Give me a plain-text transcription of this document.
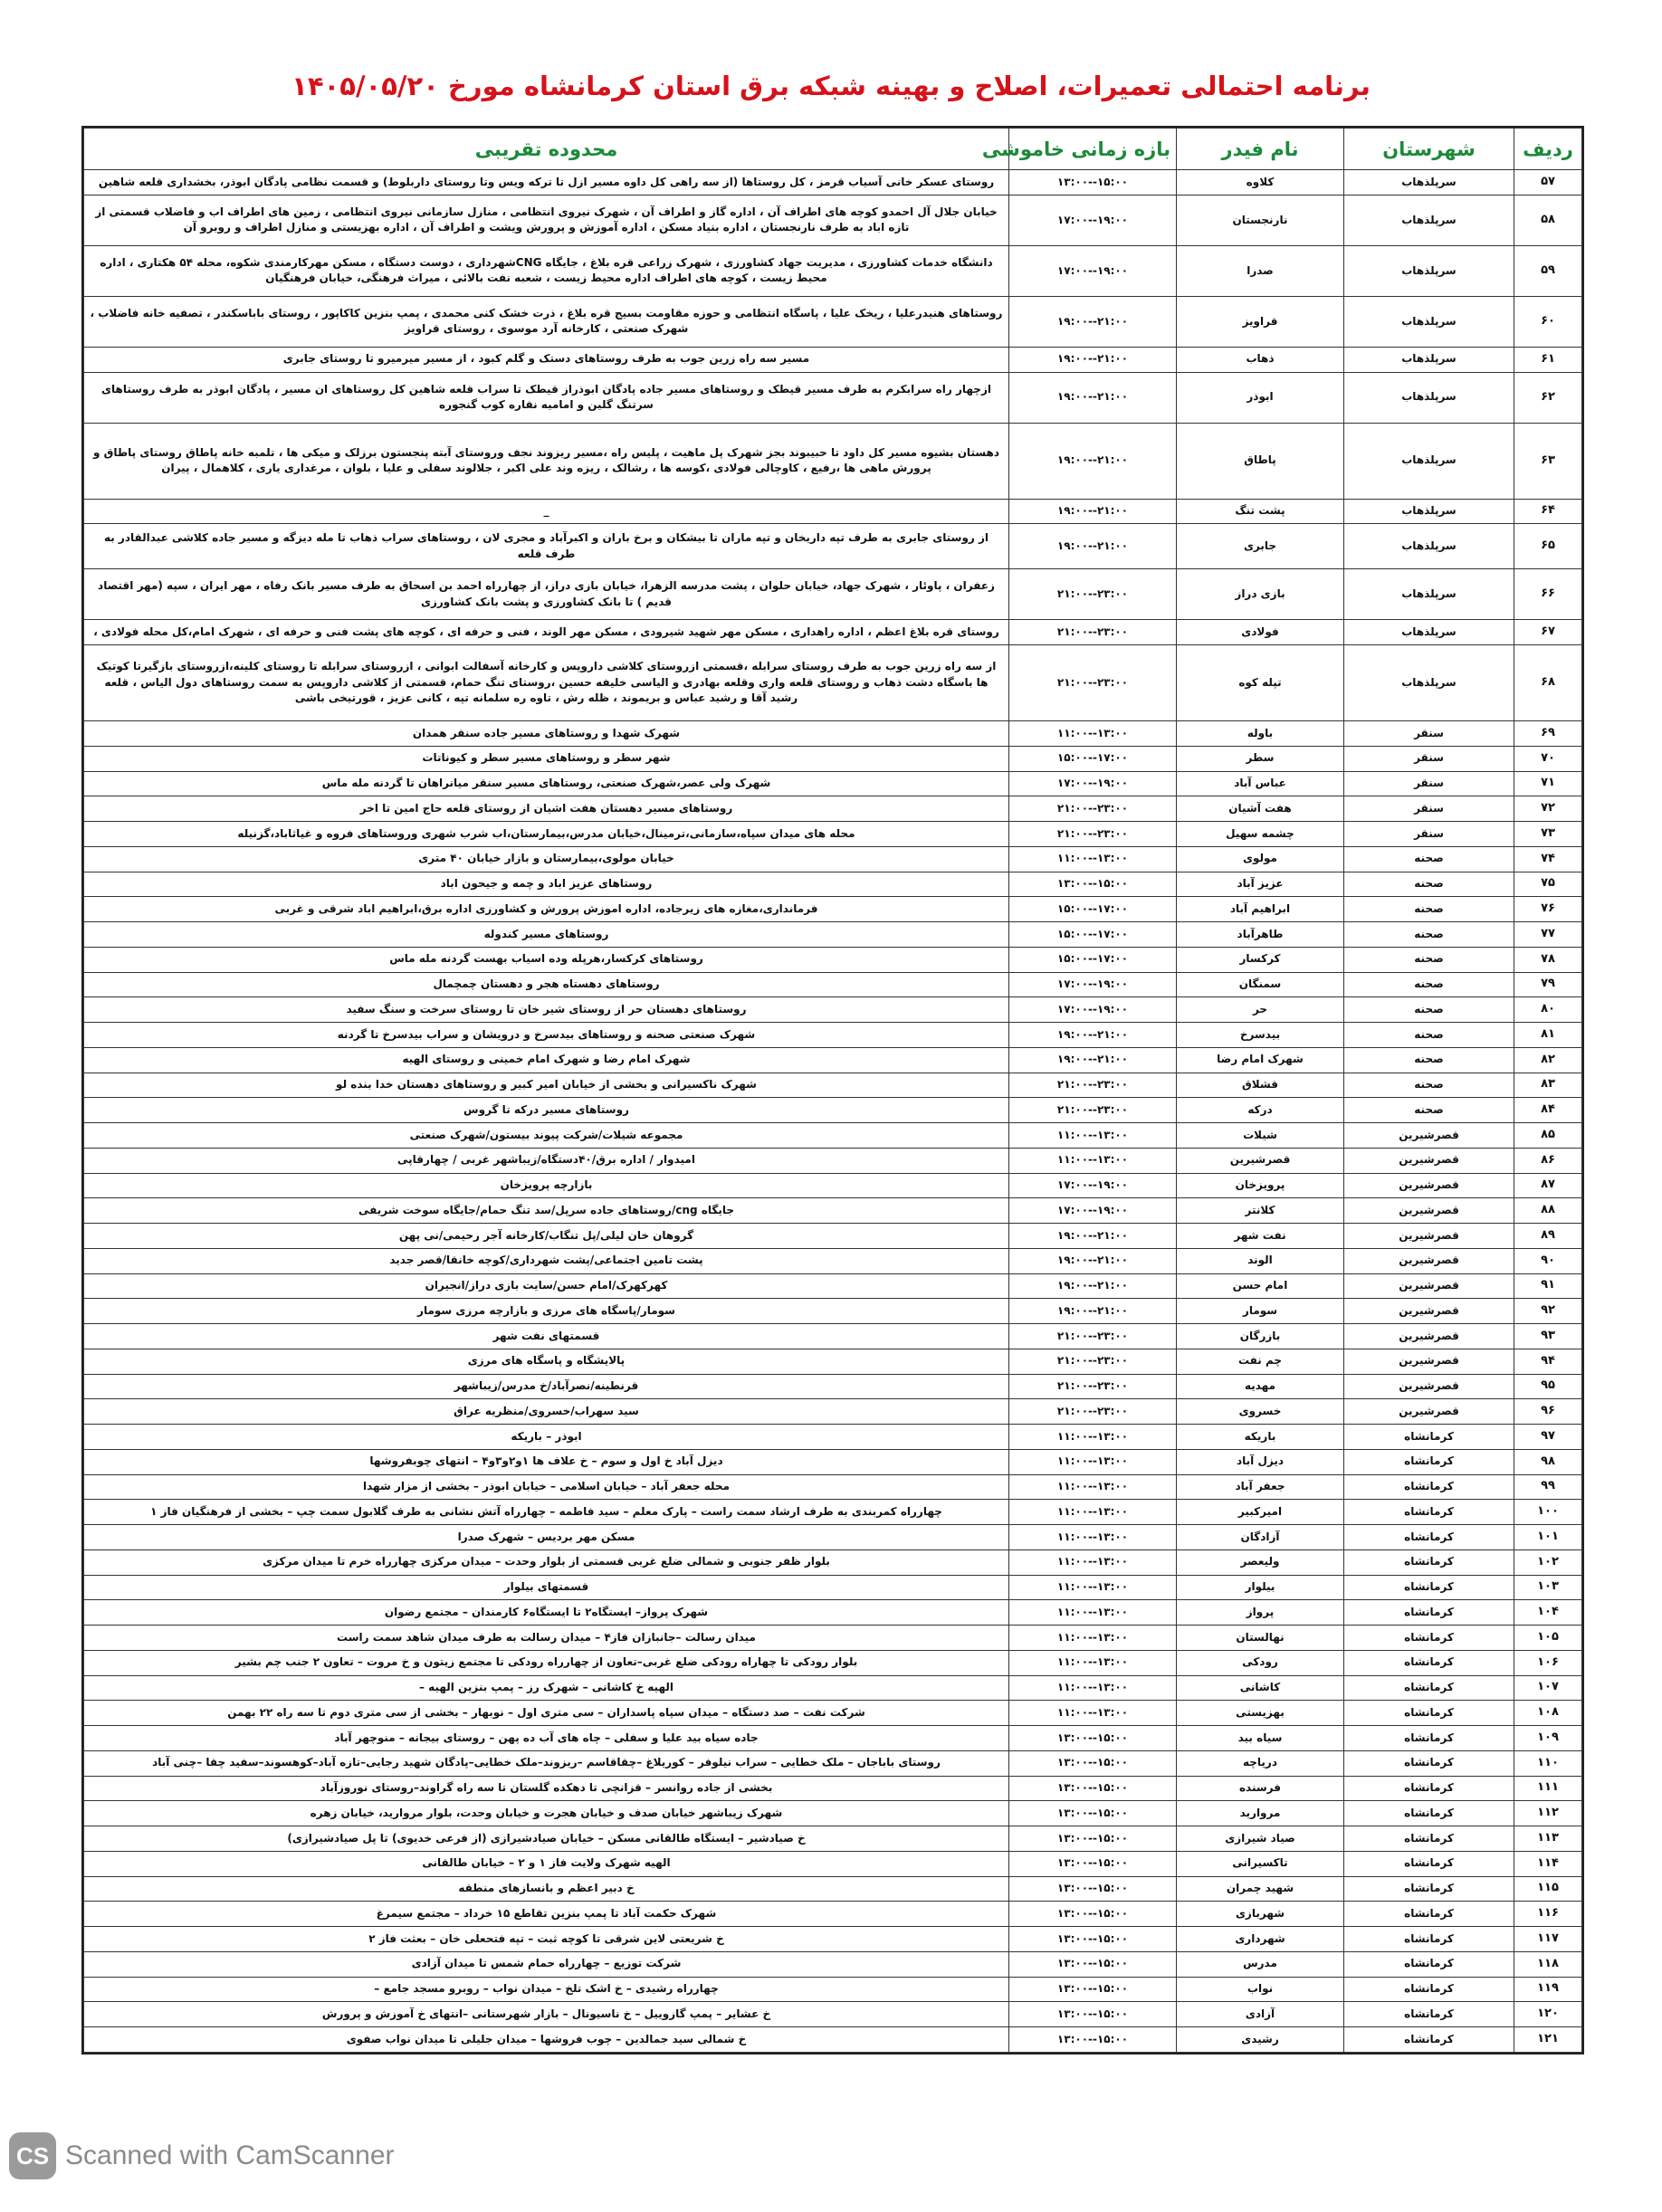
برنامه احتمالی تعمیرات، اصلاح و بهینه شبکه برق استان کرمانشاه مورخ ۱۴۰۵/۰۵/۲۰
ردیف	شهرستان	نام فیدر	بازه زمانی خاموشی	محدوده تقریبی
۵۷	سرپلذهاب	کلاوه	۱۳:۰۰--۱۵:۰۰	روستای عسکر خانی آسیاب قرمز ، کل روستاها (از سه راهی کل داوه مسیر ازل تا ترکه ویس وتا روستای داربلوط) و قسمت نظامی پادگان ابوذر، بخشداری قلعه شاهین
۵۸	سرپلذهاب	نارنجستان	۱۷:۰۰--۱۹:۰۰	خیابان جلال آل احمدو کوچه های اطراف آن ، اداره گاز و اطراف آن ، شهرک نیروی انتظامی ، منازل سازمانی نیروی انتظامی ، زمین های اطراف اب و فاضلاب قسمتی از تازه اباد به طرف نارنجستان ، اداره بنیاد مسکن ، اداره آموزش و پرورش ویشت و اطراف آن ، اداره بهزیستی و منازل اطراف و روبرو آن
۵۹	سرپلذهاب	صدرا	۱۷:۰۰--۱۹:۰۰	دانشگاه خدمات کشاورزی ، مدیریت جهاد کشاورزی ، شهرک زراعی قره بلاغ ، جایگاه CNGشهرداری ، دوست دستگاه ، مسکن مهرکارمندی شکوه، محله ۵۴ هکتاری ، اداره محیط زیست ، کوچه های اطراف اداره محیط زیست ، شعبه نفت بالائی ، میراث فرهنگی، خیابان فرهنگیان
۶۰	سرپلذهاب	قراویز	۱۹:۰۰--۲۱:۰۰	روستاهای هنیدرعلیا ، ریخک علیا ، پاسگاه انتظامی و حوزه مقاومت بسیج قره بلاغ ، ذرت خشک کنی محمدی ، پمپ بنزین کاکاپور ، روستای باباسکندر ، تصفیه خانه فاضلاب ، شهرک صنعتی ، کارخانه آرد موسوی ، روستای قراویز
۶۱	سرپلذهاب	ذهاب	۱۹:۰۰--۲۱:۰۰	مسیر سه راه زرین جوب به طرف روستاهای دستک و گلم کبود ، از مسیر میرمیرو تا روستای جابری
۶۲	سرپلذهاب	ابوذر	۱۹:۰۰--۲۱:۰۰	ازچهار راه سرابکرم به طرف مسیر قیطک و روستاهای مسیر جاده پادگان ابوذراز قیطک تا سراب قلعه شاهین کل روستاهای ان مسیر ، پادگان ابوذر به طرف روستاهای سرتنگ گلین و امامیه نقاره کوب گنجوره
۶۳	سرپلذهاب	پاطاق	۱۹:۰۰--۲۱:۰۰	دهستان بشیوه مسیر کل داود تا حبیبوند بجز شهرک پل ماهیت ، پلیس راه ،مسیر ریزوند نجف وروستای آبته پنجستون برزلک و میکی ها ، تلمبه خانه پاطاق روستای پاطاق و پرورش ماهی ها ،رفیع ، کاوچالی فولادی ،کوسه ها ، رشالک ، ریزه وند علی اکبر ، جلالوند سفلی و علیا ، بلوان ، مرغداری یاری ، کلاهمال ، پیران
۶۴	سرپلذهاب	پشت تنگ	۱۹:۰۰--۲۱:۰۰	_
۶۵	سرپلذهاب	جابری	۱۹:۰۰--۲۱:۰۰	از روستای جابری به طرف تپه داریخان و تپه ماران تا بیشکان و برخ باران و اکبرآباد و مجری لان ، روستاهای سراب ذهاب تا مله دیزگه و مسیر جاده کلاشی عبدالقادر به طرف قلعه
۶۶	سرپلذهاب	بازی دراز	۲۱:۰۰--۲۳:۰۰	زعفران ، پاوئار ، شهرک جهاد، خیابان حلوان ، پشت مدرسه الزهرا، خیابان بازی دراز، از چهارراه احمد بن اسحاق به طرف مسیر بانک رفاه ، مهر ایران ، سپه (مهر اقتصاد قدیم ) تا بانک کشاورزی و پشت بانک کشاورزی
۶۷	سرپلذهاب	فولادی	۲۱:۰۰--۲۳:۰۰	روستای قره بلاغ اعظم ، اداره راهداری ، مسکن مهر شهید شیرودی ، مسکن مهر الوند ، فنی و حرفه ای ، کوچه های پشت فنی و حرفه ای ، شهرک امام،کل محله فولادی ،
۶۸	سرپلذهاب	تپله کوه	۲۱:۰۰--۲۳:۰۰	از سه راه زرین جوب به طرف روستای سرابله ،قسمتی ازروستای کلاشی داروپس و کارخانه آسفالت ابوانی ، ازروستای سرابله تا روستای کلینه،ازروستای بازگیرتا کوتیک ها باسگاه دشت ذهاب و روستای قلعه واری وقلعه بهادری و الیاسی خلیفه حسین ،روستای تنگ حمام، قسمتی از کلاشی داروپس به سمت روستاهای دول الیاس ، قلعه رشید آقا و رشید عباس و بریموند ، ظله رش ، تاوه ره سلمانه تپه ، کانی عزیز ، قورتیخی باشی
۶۹	سنقر	باوله	۱۱:۰۰--۱۳:۰۰	شهرک شهدا و روستاهای مسیر جاده سنقر همدان
۷۰	سنقر	سطر	۱۵:۰۰--۱۷:۰۰	شهر سطر و روستاهای مسیر سطر و کیوناتات
۷۱	سنقر	عباس آباد	۱۷:۰۰--۱۹:۰۰	شهرک ولی عصر،شهرک صنعتی، روستاهای مسیر سنقر میانراهان تا گردنه مله ماس
۷۲	سنقر	هفت آشیان	۲۱:۰۰--۲۳:۰۰	روستاهای مسیر دهستان هفت اشیان از روستای قلعه حاج امین تا اخر
۷۳	سنقر	چشمه سهیل	۲۱:۰۰--۲۳:۰۰	محله های میدان سپاه،سازمانی،ترمینال،خیابان مدرس،بیمارستان،اب شرب شهری وروستاهای فروه و غیاثاباد،گزنیله
۷۴	صحنه	مولوی	۱۱:۰۰--۱۳:۰۰	خیابان مولوی،بیمارستان و بازار خیابان ۴۰ متری
۷۵	صحنه	عزیز آباد	۱۳:۰۰--۱۵:۰۰	روستاهای عزیز اباد و چمه و جیحون اباد
۷۶	صحنه	ابراهیم آباد	۱۵:۰۰--۱۷:۰۰	فرمانداری،مغازه های زیرجاده، اداره اموزش پرورش و کشاورزی اداره برق،ابراهیم اباد شرقی و غربی
۷۷	صحنه	طاهرآباد	۱۵:۰۰--۱۷:۰۰	روستاهای مسیر کندوله
۷۸	صحنه	کرکسار	۱۵:۰۰--۱۷:۰۰	روستاهای کرکسار،هرپله وده اسیاب بهست گردنه مله ماس
۷۹	صحنه	سمنگان	۱۷:۰۰--۱۹:۰۰	روستاهای دهستاه هجر و دهستان چمچمال
۸۰	صحنه	حر	۱۷:۰۰--۱۹:۰۰	روستاهای دهستان حر از روستای شیر خان تا روستای سرخت و سنگ سفید
۸۱	صحنه	بیدسرخ	۱۹:۰۰--۲۱:۰۰	شهرک صنعتی صحنه و روستاهای بیدسرخ و درویشان و سراب بیدسرخ تا گردنه
۸۲	صحنه	شهرک امام رضا	۱۹:۰۰--۲۱:۰۰	شهرک امام رضا و شهرک امام خمینی و روستای الهیه
۸۳	صحنه	قشلاق	۲۱:۰۰--۲۳:۰۰	شهرک ناکسیرانی و بخشی از خیابان امیر کبیر و روستاهای دهستان خدا بنده لو
۸۴	صحنه	درکه	۲۱:۰۰--۲۳:۰۰	روستاهای مسیر درکه تا گروس
۸۵	قصرشیرین	شیلات	۱۱:۰۰--۱۳:۰۰	مجموعه شیلات/شرکت پیوند بیستون/شهرک صنعتی
۸۶	قصرشیرین	قصرشیرین	۱۱:۰۰--۱۳:۰۰	امیدوار / اداره برق/۴۰دستگاه/زیباشهر غربی / چهارقاپی
۸۷	قصرشیرین	پرویزخان	۱۷:۰۰--۱۹:۰۰	بازارچه پرویزخان
۸۸	قصرشیرین	کلانتر	۱۷:۰۰--۱۹:۰۰	جایگاه cng/روستاهای جاده سرپل/سد تنگ حمام/جایگاه سوخت شریفی
۸۹	قصرشیرین	نفت شهر	۱۹:۰۰--۲۱:۰۰	گروهان خان لیلی/پل تنگاب/کارخانه آجر رحیمی/نی پهن
۹۰	قصرشیرین	الوند	۱۹:۰۰--۲۱:۰۰	پشت تامین اجتماعی/پشت شهرداری/کوچه خانقا/قصر جدید
۹۱	قصرشیرین	امام حسن	۱۹:۰۰--۲۱:۰۰	کهرکهرک/امام حسن/سایت بازی دراز/انجیران
۹۲	قصرشیرین	سومار	۱۹:۰۰--۲۱:۰۰	سومار/پاسگاه های مرزی و بازارچه مرزی سومار
۹۳	قصرشیرین	بازرگان	۲۱:۰۰--۲۳:۰۰	قسمتهای نفت شهر
۹۴	قصرشیرین	چم نفت	۲۱:۰۰--۲۳:۰۰	پالایشگاه و پاسگاه های مرزی
۹۵	قصرشیرین	مهدیه	۲۱:۰۰--۲۳:۰۰	قرنطینه/نصرآباد/خ مدرس/زیباشهر
۹۶	قصرشیرین	خسروی	۲۱:۰۰--۲۳:۰۰	سید سهراب/خسروی/منظریه عراق
۹۷	کرمانشاه	باریکه	۱۱:۰۰--۱۳:۰۰	ابوذر – باریکه
۹۸	کرمانشاه	دیزل آباد	۱۱:۰۰--۱۳:۰۰	دیزل آباد خ اول و سوم – خ علاف ها ۱و۲و۳و۴ – انتهای چوبفروشها
۹۹	کرمانشاه	جعفر آباد	۱۱:۰۰--۱۳:۰۰	محله جعفر آباد – خیابان اسلامی – خیابان ابوذر – بخشی از مزار شهدا
۱۰۰	کرمانشاه	امیرکبیر	۱۱:۰۰--۱۳:۰۰	چهارراه کمربندی به طرف ارشاد سمت راست – پارک معلم – سید فاطمه – چهارراه آتش نشانی به طرف گلابول سمت چپ – بخشی از فرهنگیان فاز ۱
۱۰۱	کرمانشاه	آزادگان	۱۱:۰۰--۱۳:۰۰	مسکن مهر بردیس – شهرک صدرا
۱۰۲	کرمانشاه	ولیعصر	۱۱:۰۰--۱۳:۰۰	بلوار ظفر جنوبی و شمالی ضلع غربی قسمتی از بلوار وحدت – میدان مرکزی چهارراه خرم تا میدان مرکزی
۱۰۳	کرمانشاه	بیلوار	۱۱:۰۰--۱۳:۰۰	قسمتهای بیلوار
۱۰۴	کرمانشاه	پرواز	۱۱:۰۰--۱۳:۰۰	شهرک پرواز– ایستگاه۲ تا ایستگاه۶ کارمندان – مجتمع رضوان
۱۰۵	کرمانشاه	نهالستان	۱۱:۰۰--۱۳:۰۰	میدان رسالت –جانبازان فاز۴ – میدان رسالت به طرف میدان شاهد سمت راست
۱۰۶	کرمانشاه	رودکی	۱۱:۰۰--۱۳:۰۰	بلوار رودکی تا چهاراه رودکی ضلع غربی–تعاون از چهارراه رودکی تا مجتمع زیتون و خ مروت – تعاون ۲ جنب چم بشیر
۱۰۷	کرمانشاه	کاشانی	۱۱:۰۰--۱۳:۰۰	الهیه خ کاشانی – شهرک رز – پمپ بنزین الهیه –
۱۰۸	کرمانشاه	بهزیستی	۱۱:۰۰--۱۳:۰۰	شرکت نفت – صد دستگاه – میدان سپاه پاسداران – سی متری اول – نوبهار – بخشی از سی متری دوم تا سه راه ۲۲ بهمن
۱۰۹	کرمانشاه	سیاه بید	۱۳:۰۰--۱۵:۰۰	جاده سیاه بید علیا و سفلی – چاه های آب ده پهن – روستای بیجانه – منوچهر آباد
۱۱۰	کرمانشاه	دریاچه	۱۳:۰۰--۱۵:۰۰	روستای باباجان – ملک خطایی – سراب نیلوفر – کوریلاغ –چقاقاسم –ریزوند–ملک خطایی–پادگان شهید رجایی–تازه آباد–کوهسوند–سفید چقا –چنی آباد
۱۱۱	کرمانشاه	فرسنده	۱۳:۰۰--۱۵:۰۰	بخشی از جاده روانسر – قزانچی تا دهکده گلستان تا سه راه گراوند–روستای نوروزآباد
۱۱۲	کرمانشاه	مرواريد	۱۳:۰۰--۱۵:۰۰	شهرک زیباشهر خیابان صدف و خیابان هجرت و خیابان وحدت، بلوار مروارید، خیابان زهره
۱۱۳	کرمانشاه	صیاد شیرازی	۱۳:۰۰--۱۵:۰۰	خ صیادشیر – ایستگاه طالقانی مسکن – خیابان صیادشیرازی (از فرعی خدیوی) تا پل صیادشیرازی)
۱۱۴	کرمانشاه	تاکسیرانی	۱۳:۰۰--۱۵:۰۰	الهیه شهرک ولایت فاز ۱ و ۲ – خیابان طالقانی
۱۱۵	کرمانشاه	شهید چمران	۱۳:۰۰--۱۵:۰۰	خ دبیر اعظم و بانسازهای منطقه
۱۱۶	کرمانشاه	شهربازی	۱۳:۰۰--۱۵:۰۰	شهرک حکمت آباد تا پمپ بنزین تقاطع ۱۵ خرداد – مجتمع سیمرغ
۱۱۷	کرمانشاه	شهرداری	۱۳:۰۰--۱۵:۰۰	خ شریعتی لاین شرقی تا کوچه ثبت – تپه فتحعلی خان – بعثت فاز ۲
۱۱۸	کرمانشاه	مدرس	۱۳:۰۰--۱۵:۰۰	شرکت توزیع – چهارراه حمام شمس تا میدان آزادی
۱۱۹	کرمانشاه	نواب	۱۳:۰۰--۱۵:۰۰	چهارراه رشیدی – خ اشک تلخ – میدان نواب – روبرو مسجد جامع –
۱۲۰	کرمانشاه	آزادی	۱۳:۰۰--۱۵:۰۰	خ عشایر – پمپ گازوییل – خ ناسیونال – بازار شهرستانی –انتهای خ آموزش و پرورش
۱۲۱	کرمانشاه	رشیدی	۱۳:۰۰--۱۵:۰۰	خ شمالی سید جمالدین – چوب فروشها – میدان جلیلی تا میدان نواب صفوی
CS Scanned with CamScanner
